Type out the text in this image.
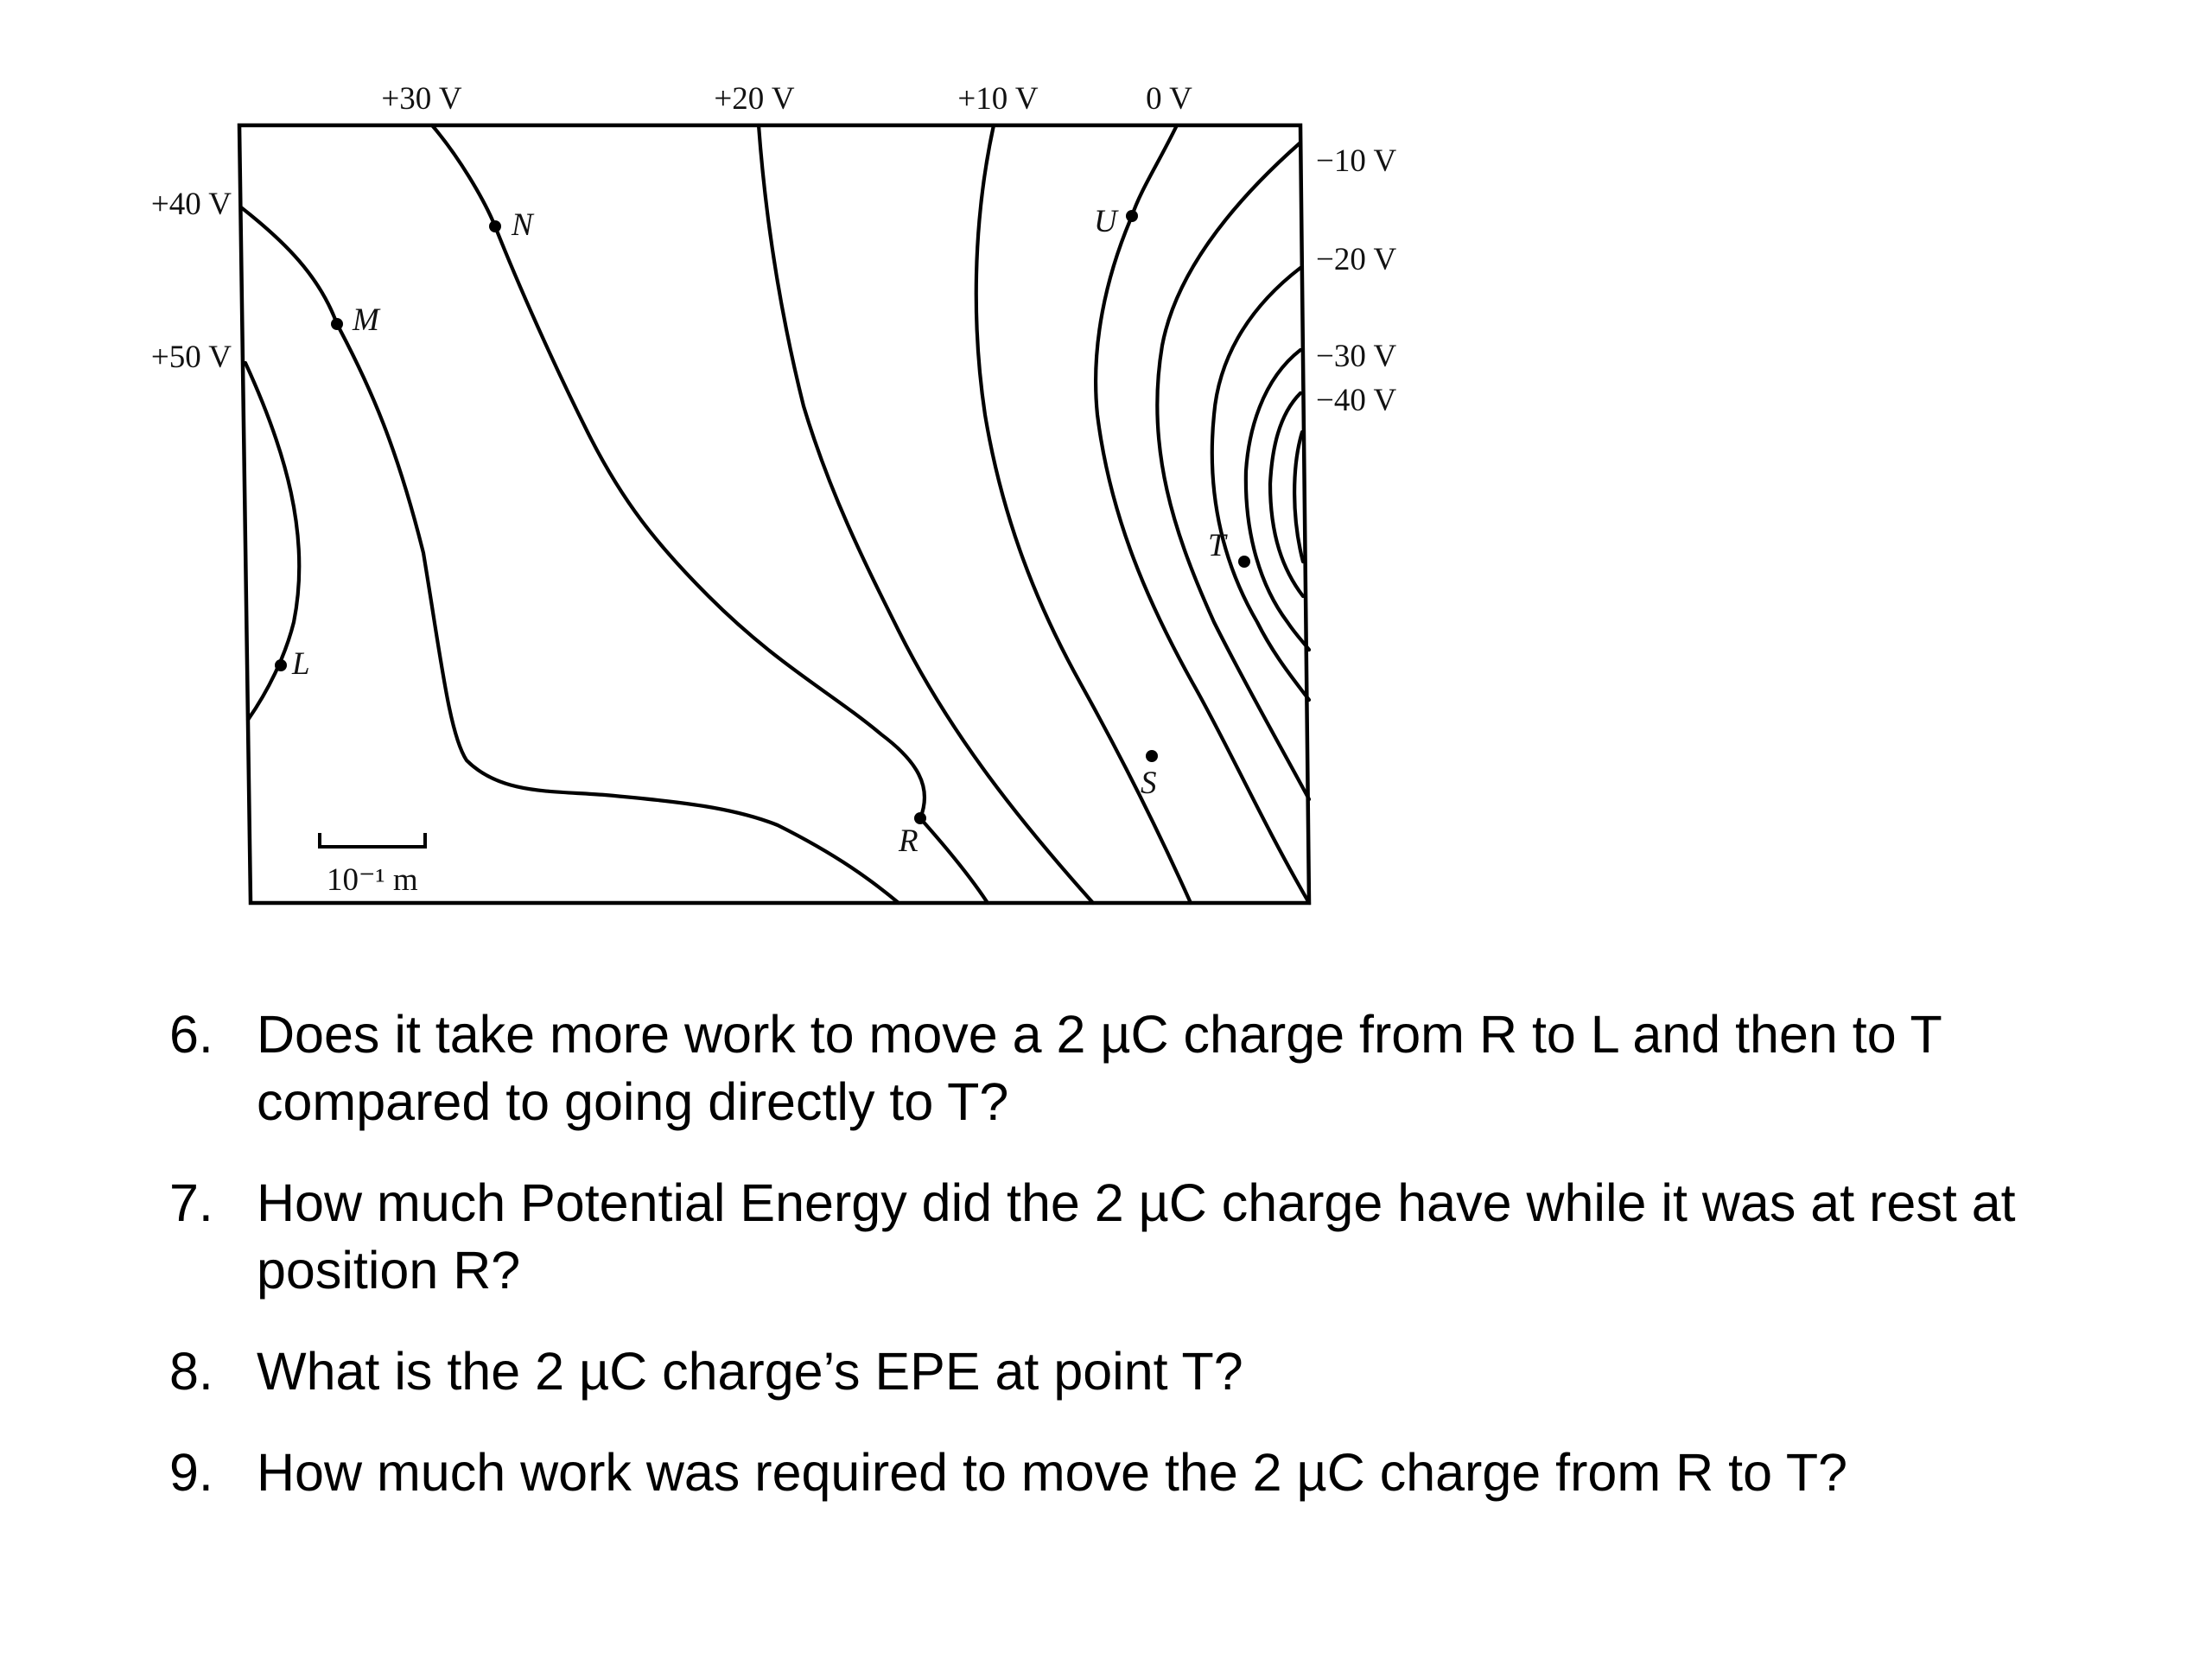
+30 V	+20 V	+10 V	0 V
+40 V
+50 V
−10 V
−20 V
−30 V
−40 V
N
M
U
T
L
S
R
10⁻¹ m
6. Does it take more work to move a 2 µC charge from R to L and then to T compared to going directly to T?
7. How much Potential Energy did the 2 µC charge have while it was at rest at position R?
8. What is the 2 µC charge’s EPE at point T?
9. How much work was required to move the 2 µC charge from R to T?
